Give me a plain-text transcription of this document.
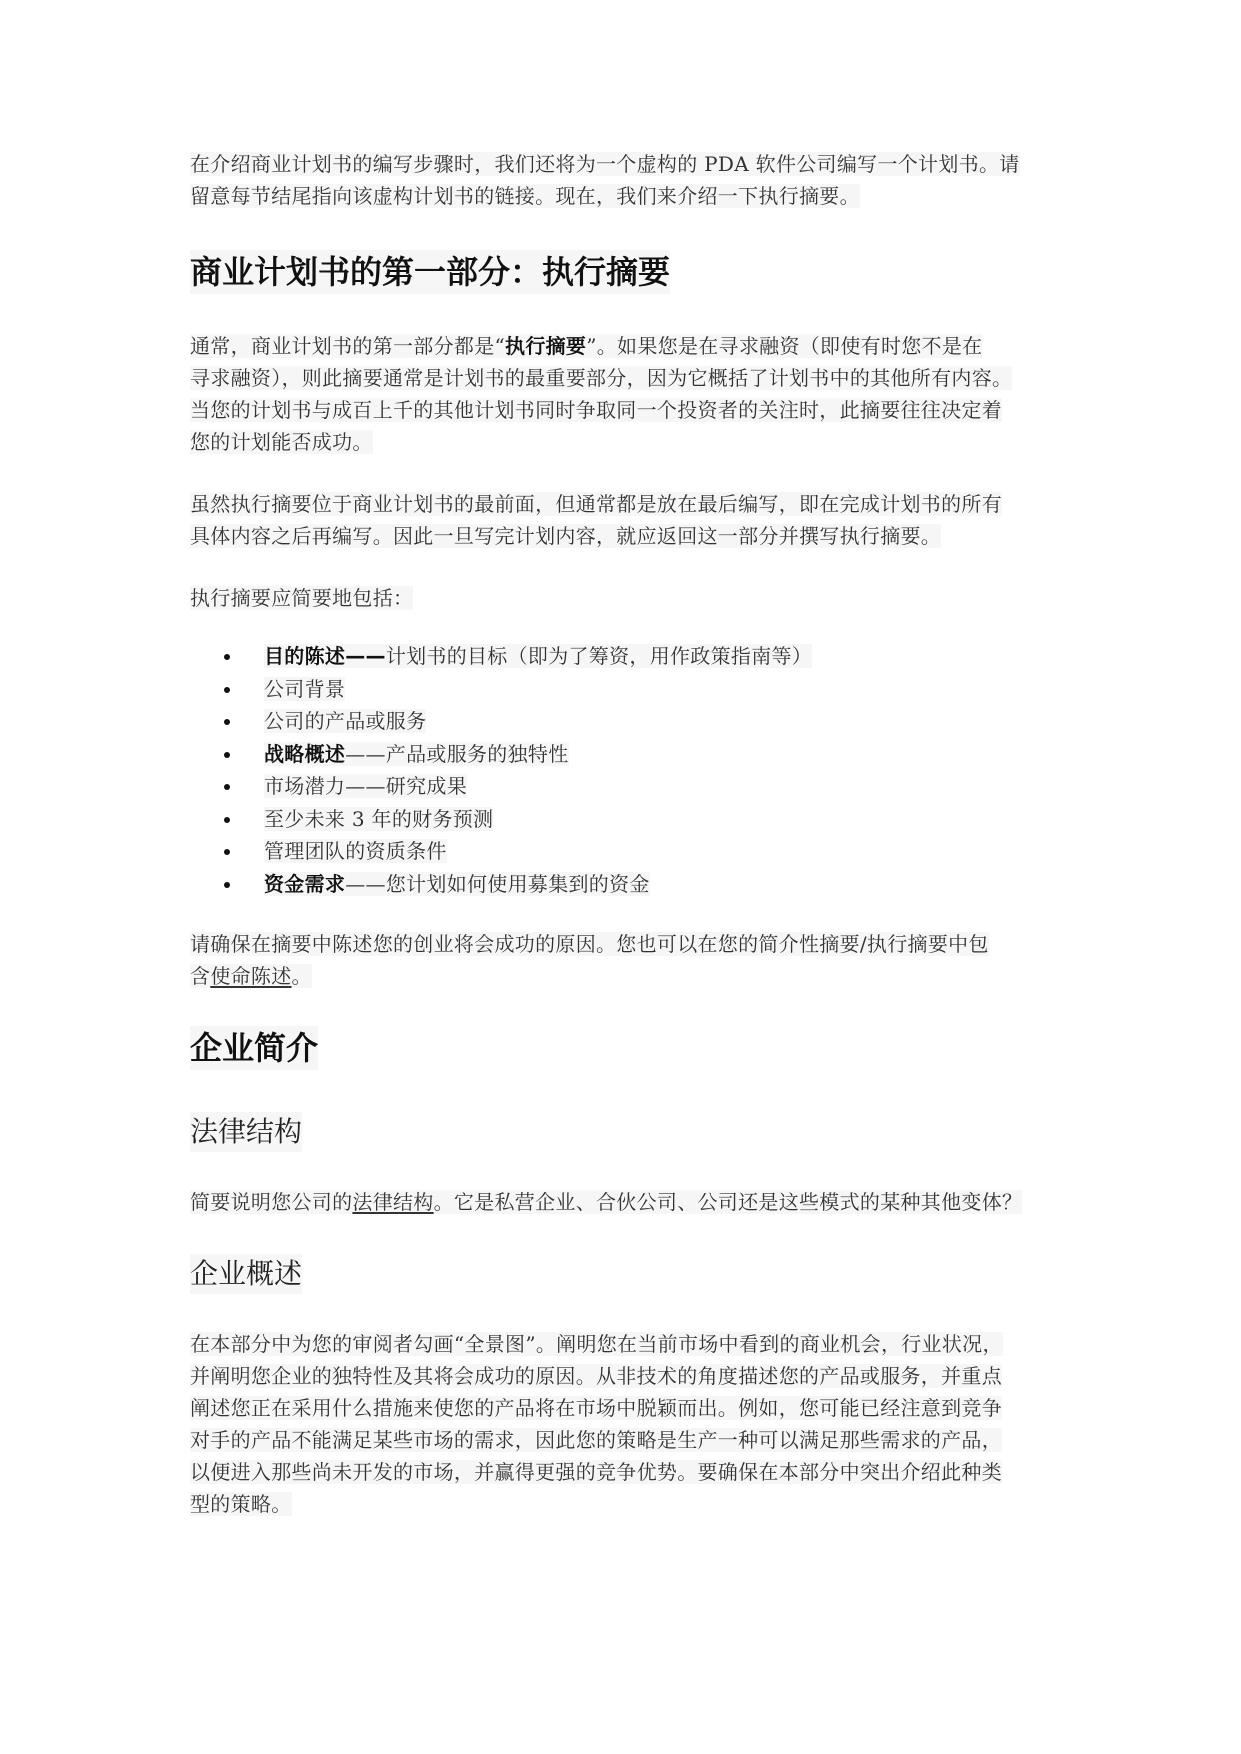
在介绍商业计划书的编写步骤时，我们还将为一个虚构的 PDA 软件公司编写一个计划书。请
留意每节结尾指向该虚构计划书的链接。现在，我们来介绍一下执行摘要。

商业计划书的第一部分：执行摘要

通常，商业计划书的第一部分都是“执行摘要”。如果您是在寻求融资（即使有时您不是在
寻求融资），则此摘要通常是计划书的最重要部分，因为它概括了计划书中的其他所有内容。
当您的计划书与成百上千的其他计划书同时争取同一个投资者的关注时，此摘要往往决定着
您的计划能否成功。

虽然执行摘要位于商业计划书的最前面，但通常都是放在最后编写，即在完成计划书的所有
具体内容之后再编写。因此一旦写完计划内容，就应返回这一部分并撰写执行摘要。

执行摘要应简要地包括：

目的陈述——计划书的目标（即为了筹资，用作政策指南等）
公司背景
公司的产品或服务
战略概述——产品或服务的独特性
市场潜力——研究成果
至少未来 3 年的财务预测
管理团队的资质条件
资金需求——您计划如何使用募集到的资金

请确保在摘要中陈述您的创业将会成功的原因。您也可以在您的简介性摘要/执行摘要中包
含使命陈述。

企业简介
法律结构

简要说明您公司的法律结构。它是私营企业、合伙公司、公司还是这些模式的某种其他变体？

企业概述

在本部分中为您的审阅者勾画“全景图”。阐明您在当前市场中看到的商业机会，行业状况，
并阐明您企业的独特性及其将会成功的原因。从非技术的角度描述您的产品或服务，并重点
阐述您正在采用什么措施来使您的产品将在市场中脱颖而出。例如，您可能已经注意到竞争
对手的产品不能满足某些市场的需求，因此您的策略是生产一种可以满足那些需求的产品，
以便进入那些尚未开发的市场，并赢得更强的竞争优势。要确保在本部分中突出介绍此种类
型的策略。
